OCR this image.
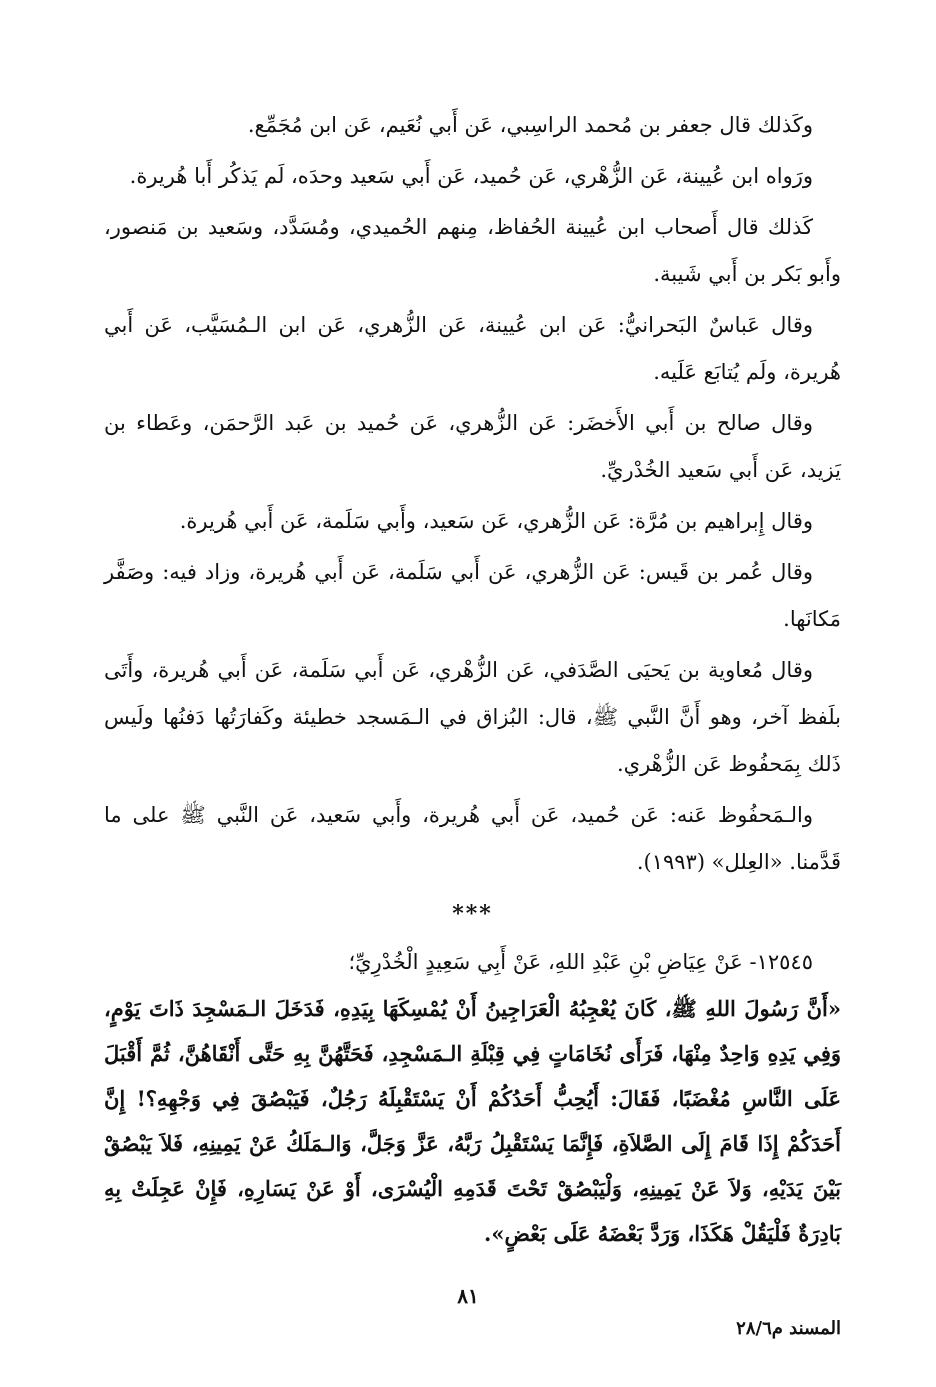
وكَذلك قال جعفر بن مُحمد الراسِبي، عَن أَبي نُعَيم، عَن ابن مُجَمِّع.

ورَواه ابن عُيينة، عَن الزُّهْري، عَن حُميد، عَن أَبي سَعيد وحدَه، لَم يَذكُر أَبا هُريرة.

كَذلك قال أَصحاب ابن عُيينة الحُفاظ، مِنهم الحُميدي، ومُسَدَّد، وسَعيد بن مَنصور، وأَبو بَكر بن أَبي شَيبة.

وقال عَباسٌ البَحرانيُّ: عَن ابن عُيينة، عَن الزُّهري، عَن ابن الـمُسَيَّب، عَن أَبي هُريرة، ولَم يُتابَع عَلَيه.

وقال صالح بن أَبي الأَخضَر: عَن الزُّهري، عَن حُميد بن عَبد الرَّحمَن، وعَطاء بن يَزيد، عَن أَبي سَعيد الخُدْريِّ.

وقال إِبراهيم بن مُرَّة: عَن الزُّهري، عَن سَعيد، وأَبي سَلَمة، عَن أَبي هُريرة.

وقال عُمر بن قَيس: عَن الزُّهري، عَن أَبي سَلَمة، عَن أَبي هُريرة، وزاد فيه: وصَفَّر مَكانَها.

وقال مُعاوية بن يَحيَى الصَّدَفي، عَن الزُّهْري، عَن أَبي سَلَمة، عَن أَبي هُريرة، وأَتَى بلَفظ آخر، وهو أَنَّ النَّبي ﷺ، قال: البُزاق في الـمَسجد خطيئة وكَفارَتُها دَفنُها ولَيس ذَلك بِمَحفُوظ عَن الزُّهْري.

والـمَحفُوظ عَنه: عَن حُميد، عَن أَبي هُريرة، وأَبي سَعيد، عَن النَّبي ﷺ على ما قَدَّمنا. «العِلل» (١٩٩٣).

***

١٢٥٤٥- عَنْ عِيَاضِ بْنِ عَبْدِ اللهِ، عَنْ أَبِي سَعِيدٍ الْخُدْرِيِّ؛

«أَنَّ رَسُولَ اللهِ ﷺ، كَانَ يُعْجِبُهُ الْعَرَاجِينُ أَنْ يُمْسِكَهَا بِيَدِهِ، فَدَخَلَ الـمَسْجِدَ ذَاتَ يَوْمٍ، وَفِي يَدِهِ وَاحِدٌ مِنْهَا، فَرَأَى نُخَامَاتٍ فِي قِبْلَةِ الـمَسْجِدِ، فَحَتَّهُنَّ بِهِ حَتَّى أَنْقَاهُنَّ، ثُمَّ أَقْبَلَ عَلَى النَّاسِ مُغْضَبًا، فَقَالَ: أَيُحِبُّ أَحَدُكُمْ أَنْ يَسْتَقْبِلَهُ رَجُلٌ، فَيَبْصُقَ فِي وَجْهِهِ؟! إِنَّ أَحَدَكُمْ إِذَا قَامَ إِلَى الصَّلاَةِ، فَإِنَّمَا يَسْتَقْبِلُ رَبَّهُ، عَزَّ وَجَلَّ، وَالـمَلَكُ عَنْ يَمِينِهِ، فَلاَ يَبْصُقْ بَيْنَ يَدَيْهِ، وَلاَ عَنْ يَمِينِهِ، وَلْيَبْصُقْ تَحْتَ قَدَمِهِ الْيُسْرَى، أَوْ عَنْ يَسَارِهِ، فَإِنْ عَجِلَتْ بِهِ بَادِرَةٌ فَلْيَقُلْ هَكَذَا، وَرَدَّ بَعْضَهُ عَلَى بَعْضٍ».

٨١
المسند م٢٨/٦
